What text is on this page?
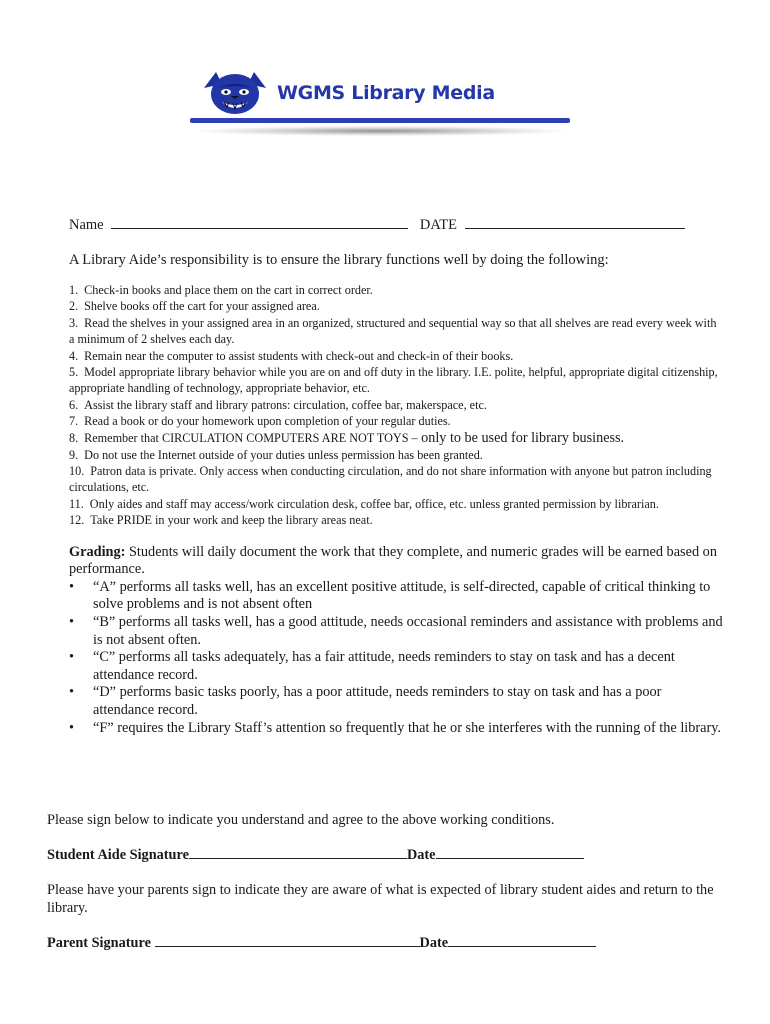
WGMS Library Media
Name	DATE
A Library Aide’s responsibility is to ensure the library functions well by doing the following:
1. Check-in books and place them on the cart in correct order.
2. Shelve books off the cart for your assigned area.
3. Read the shelves in your assigned area in an organized, structured and sequential way so that all shelves are read every week with a minimum of 2 shelves each day.
4. Remain near the computer to assist students with check-out and check-in of their books.
5. Model appropriate library behavior while you are on and off duty in the library. I.E. polite, helpful, appropriate digital citizenship, appropriate handling of technology, appropriate behavior, etc.
6. Assist the library staff and library patrons: circulation, coffee bar, makerspace, etc.
7. Read a book or do your homework upon completion of your regular duties.
8. Remember that CIRCULATION COMPUTERS ARE NOT TOYS – only to be used for library business.
9. Do not use the Internet outside of your duties unless permission has been granted.
10. Patron data is private. Only access when conducting circulation, and do not share information with anyone but patron including circulations, etc.
11. Only aides and staff may access/work circulation desk, coffee bar, office, etc. unless granted permission by librarian.
12. Take PRIDE in your work and keep the library areas neat.
Grading: Students will daily document the work that they complete, and numeric grades will be earned based on performance.
• “A” performs all tasks well, has an excellent positive attitude, is self-directed, capable of critical thinking to solve problems and is not absent often
• “B” performs all tasks well, has a good attitude, needs occasional reminders and assistance with problems and is not absent often.
• “C” performs all tasks adequately, has a fair attitude, needs reminders to stay on task and has a decent attendance record.
• “D” performs basic tasks poorly, has a poor attitude, needs reminders to stay on task and has a poor attendance record.
• “F” requires the Library Staff’s attention so frequently that he or she interferes with the running of the library.
Please sign below to indicate you understand and agree to the above working conditions.
Student Aide Signature	Date
Please have your parents sign to indicate they are aware of what is expected of library student aides and return to the library.
Parent Signature	Date
